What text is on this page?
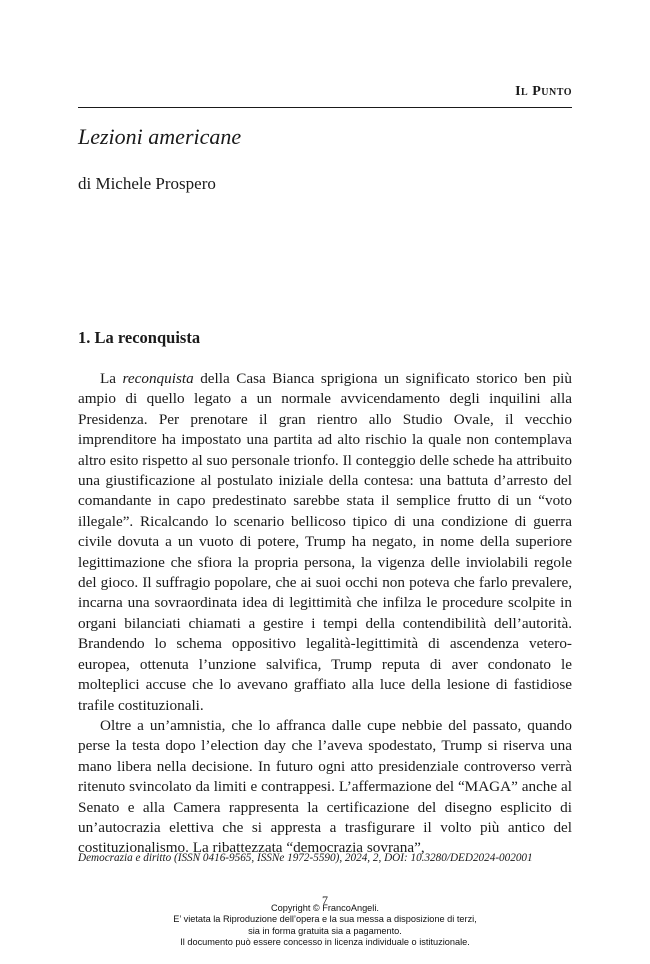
Il Punto
Lezioni americane
di Michele Prospero
1. La reconquista

La reconquista della Casa Bianca sprigiona un significato storico ben più ampio di quello legato a un normale avvicendamento degli inquilini alla Presidenza. Per prenotare il gran rientro allo Studio Ovale, il vecchio imprenditore ha impostato una partita ad alto rischio la quale non contemplava altro esito rispetto al suo personale trionfo. Il conteggio delle schede ha attribuito una giustificazione al postulato iniziale della contesa: una battuta d’arresto del comandante in capo predestinato sarebbe stata il semplice frutto di un “voto illegale”. Ricalcando lo scenario bellicoso tipico di una condizione di guerra civile dovuta a un vuoto di potere, Trump ha negato, in nome della superiore legittimazione che sfiora la propria persona, la vigenza delle inviolabili regole del gioco. Il suffragio popolare, che ai suoi occhi non poteva che farlo prevalere, incarna una sovraordinata idea di legittimità che infilza le procedure scolpite in organi bilanciati chiamati a gestire i tempi della contendibilità dell’autorità. Brandendo lo schema oppositivo legalità-legittimità di ascendenza vetero-europea, ottenuta l’unzione salvifica, Trump reputa di aver condonato le molteplici accuse che lo avevano graffiato alla luce della lesione di fastidiose trafile costituzionali.

Oltre a un’amnistia, che lo affranca dalle cupe nebbie del passato, quando perse la testa dopo l’election day che l’aveva spodestato, Trump si riserva una mano libera nella decisione. In futuro ogni atto presidenziale controverso verrà ritenuto svincolato da limiti e contrappesi. L’affermazione del “MAGA” anche al Senato e alla Camera rappresenta la certificazione del disegno esplicito di un’autocrazia elettiva che si appresta a trasfigurare il volto più antico del costituzionalismo. La ribattezzata “democrazia sovrana”,

Democrazia e diritto (ISSN 0416-9565, ISSNe 1972-5590), 2024, 2, DOI: 10.3280/DED2024-002001
7
Copyright © FrancoAngeli.
E’ vietata la Riproduzione dell’opera e la sua messa a disposizione di terzi,
sia in forma gratuita sia a pagamento.
Il documento può essere concesso in licenza individuale o istituzionale.
